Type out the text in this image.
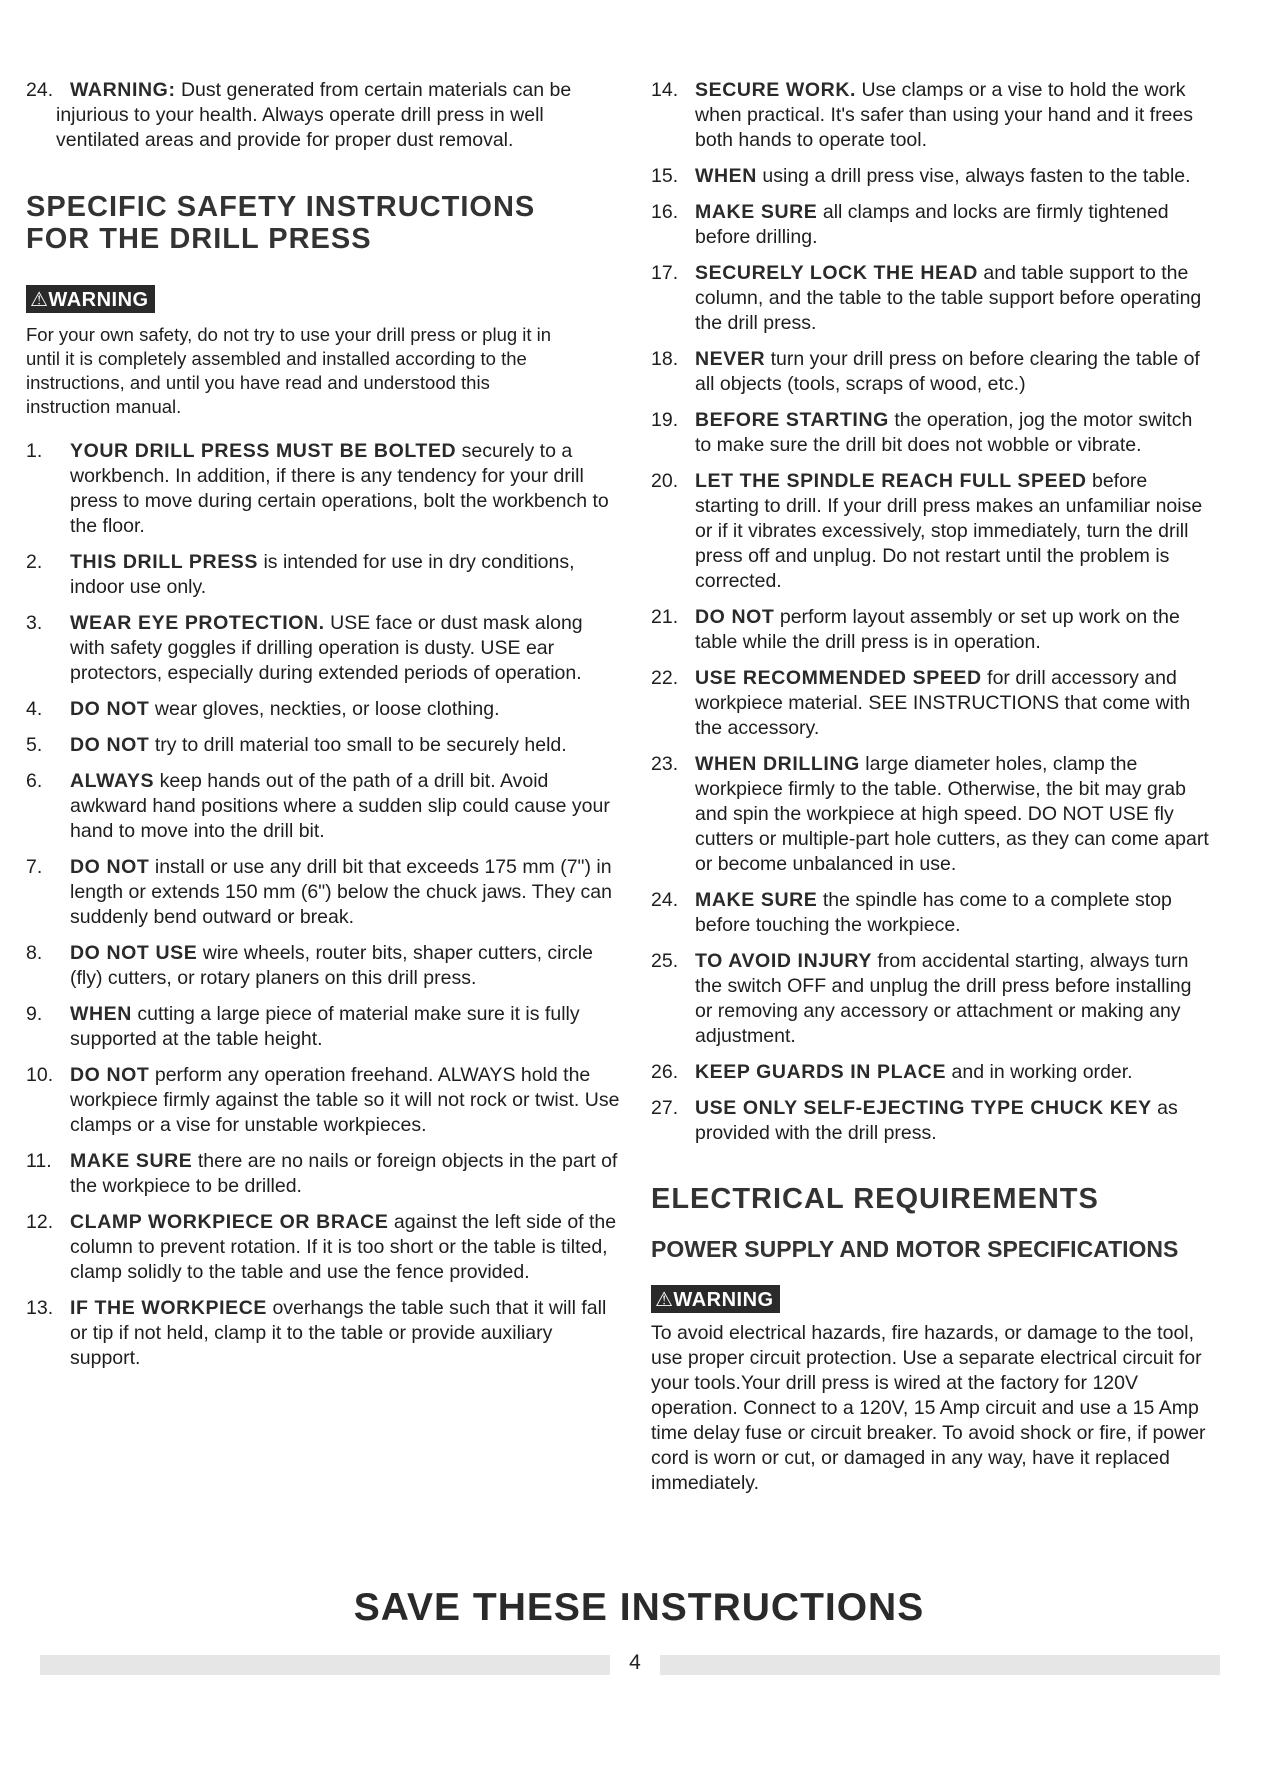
24. WARNING: Dust generated from certain materials can be injurious to your health. Always operate drill press in well ventilated areas and provide for proper dust removal.

SPECIFIC SAFETY INSTRUCTIONS

FOR THE DRILL PRESS

⚠WARNING

For your own safety, do not try to use your drill press or plug it in until it is completely assembled and installed according to the instructions, and until you have read and understood this instruction manual.

1. YOUR DRILL PRESS MUST BE BOLTED securely to a workbench. In addition, if there is any tendency for your drill press to move during certain operations, bolt the workbench to the floor.
2. THIS DRILL PRESS is intended for use in dry conditions, indoor use only.
3. WEAR EYE PROTECTION. USE face or dust mask along with safety goggles if drilling operation is dusty. USE ear protectors, especially during extended periods of operation.
4. DO NOT wear gloves, neckties, or loose clothing.
5. DO NOT try to drill material too small to be securely held.
6. ALWAYS keep hands out of the path of a drill bit. Avoid awkward hand positions where a sudden slip could cause your hand to move into the drill bit.
7. DO NOT install or use any drill bit that exceeds 175 mm (7") in length or extends 150 mm (6") below the chuck jaws. They can suddenly bend outward or break.
8. DO NOT USE wire wheels, router bits, shaper cutters, circle (fly) cutters, or rotary planers on this drill press.
9. WHEN cutting a large piece of material make sure it is fully supported at the table height.
10. DO NOT perform any operation freehand. ALWAYS hold the workpiece firmly against the table so it will not rock or twist. Use clamps or a vise for unstable workpieces.
11. MAKE SURE there are no nails or foreign objects in the part of the workpiece to be drilled.
12. CLAMP WORKPIECE OR BRACE against the left side of the column to prevent rotation. If it is too short or the table is tilted, clamp solidly to the table and use the fence provided.
13. IF THE WORKPIECE overhangs the table such that it will fall or tip if not held, clamp it to the table or provide auxiliary support.
14. SECURE WORK. Use clamps or a vise to hold the work when practical. It's safer than using your hand and it frees both hands to operate tool.
15. WHEN using a drill press vise, always fasten to the table.
16. MAKE SURE all clamps and locks are firmly tightened before drilling.
17. SECURELY LOCK THE HEAD and table support to the column, and the table to the table support before operating the drill press.
18. NEVER turn your drill press on before clearing the table of all objects (tools, scraps of wood, etc.)
19. BEFORE STARTING the operation, jog the motor switch to make sure the drill bit does not wobble or vibrate.
20. LET THE SPINDLE REACH FULL SPEED before starting to drill. If your drill press makes an unfamiliar noise or if it vibrates excessively, stop immediately, turn the drill press off and unplug. Do not restart until the problem is corrected.
21. DO NOT perform layout assembly or set up work on the table while the drill press is in operation.
22. USE RECOMMENDED SPEED for drill accessory and workpiece material. SEE INSTRUCTIONS that come with the accessory.
23. WHEN DRILLING large diameter holes, clamp the workpiece firmly to the table. Otherwise, the bit may grab and spin the workpiece at high speed. DO NOT USE fly cutters or multiple-part hole cutters, as they can come apart or become unbalanced in use.
24. MAKE SURE the spindle has come to a complete stop before touching the workpiece.
25. TO AVOID INJURY from accidental starting, always turn the switch OFF and unplug the drill press before installing or removing any accessory or attachment or making any adjustment.
26. KEEP GUARDS IN PLACE and in working order.
27. USE ONLY SELF-EJECTING TYPE CHUCK KEY as provided with the drill press.

ELECTRICAL REQUIREMENTS

POWER SUPPLY AND MOTOR SPECIFICATIONS

⚠WARNING

To avoid electrical hazards, fire hazards, or damage to the tool, use proper circuit protection. Use a separate electrical circuit for your tools.Your drill press is wired at the factory for 120V operation. Connect to a 120V, 15 Amp circuit and use a 15 Amp time delay fuse or circuit breaker. To avoid shock or fire, if power cord is worn or cut, or damaged in any way, have it replaced immediately.

SAVE THESE INSTRUCTIONS
4
